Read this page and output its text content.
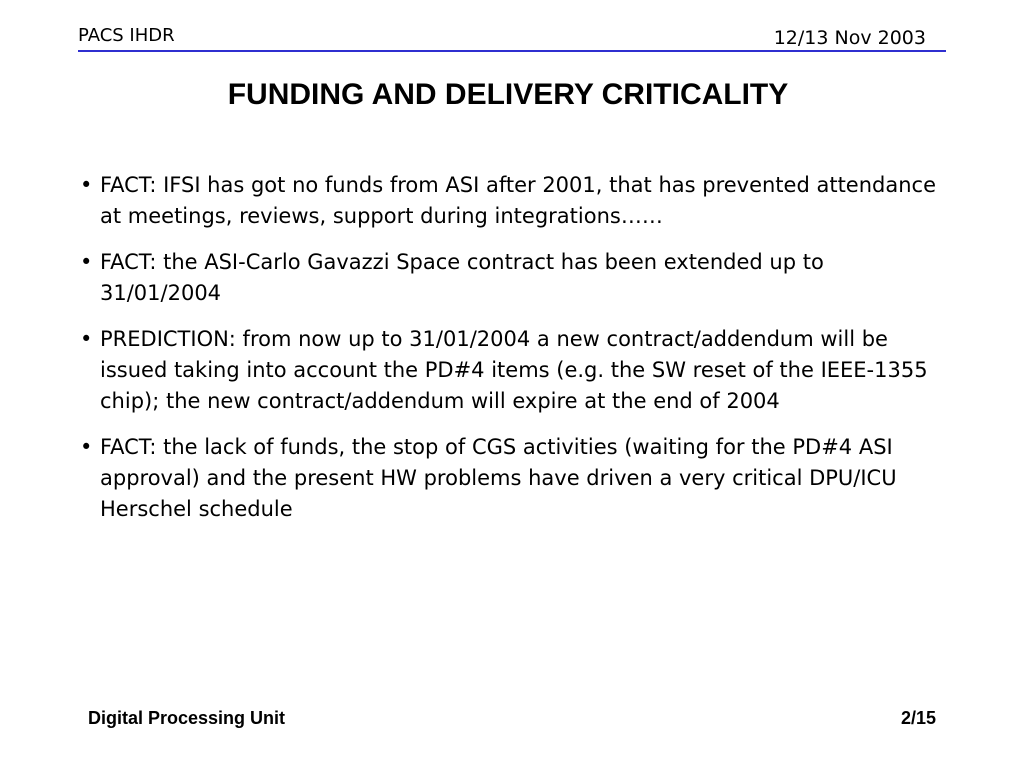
PACS IHDR	12/13 Nov 2003
FUNDING AND DELIVERY CRITICALITY
• FACT: IFSI has got no funds from ASI after 2001, that has prevented attendance at meetings, reviews, support during integrations……
• FACT: the ASI-Carlo Gavazzi Space contract has been extended up to 31/01/2004
• PREDICTION: from now up to 31/01/2004 a new contract/addendum will be issued taking into account the PD#4 items (e.g. the SW reset of the IEEE-1355 chip); the new contract/addendum will expire at the end of 2004
• FACT: the lack of funds, the stop of CGS activities (waiting for the PD#4 ASI approval) and the present HW problems have driven a very critical DPU/ICU Herschel schedule
Digital Processing Unit	2/15
